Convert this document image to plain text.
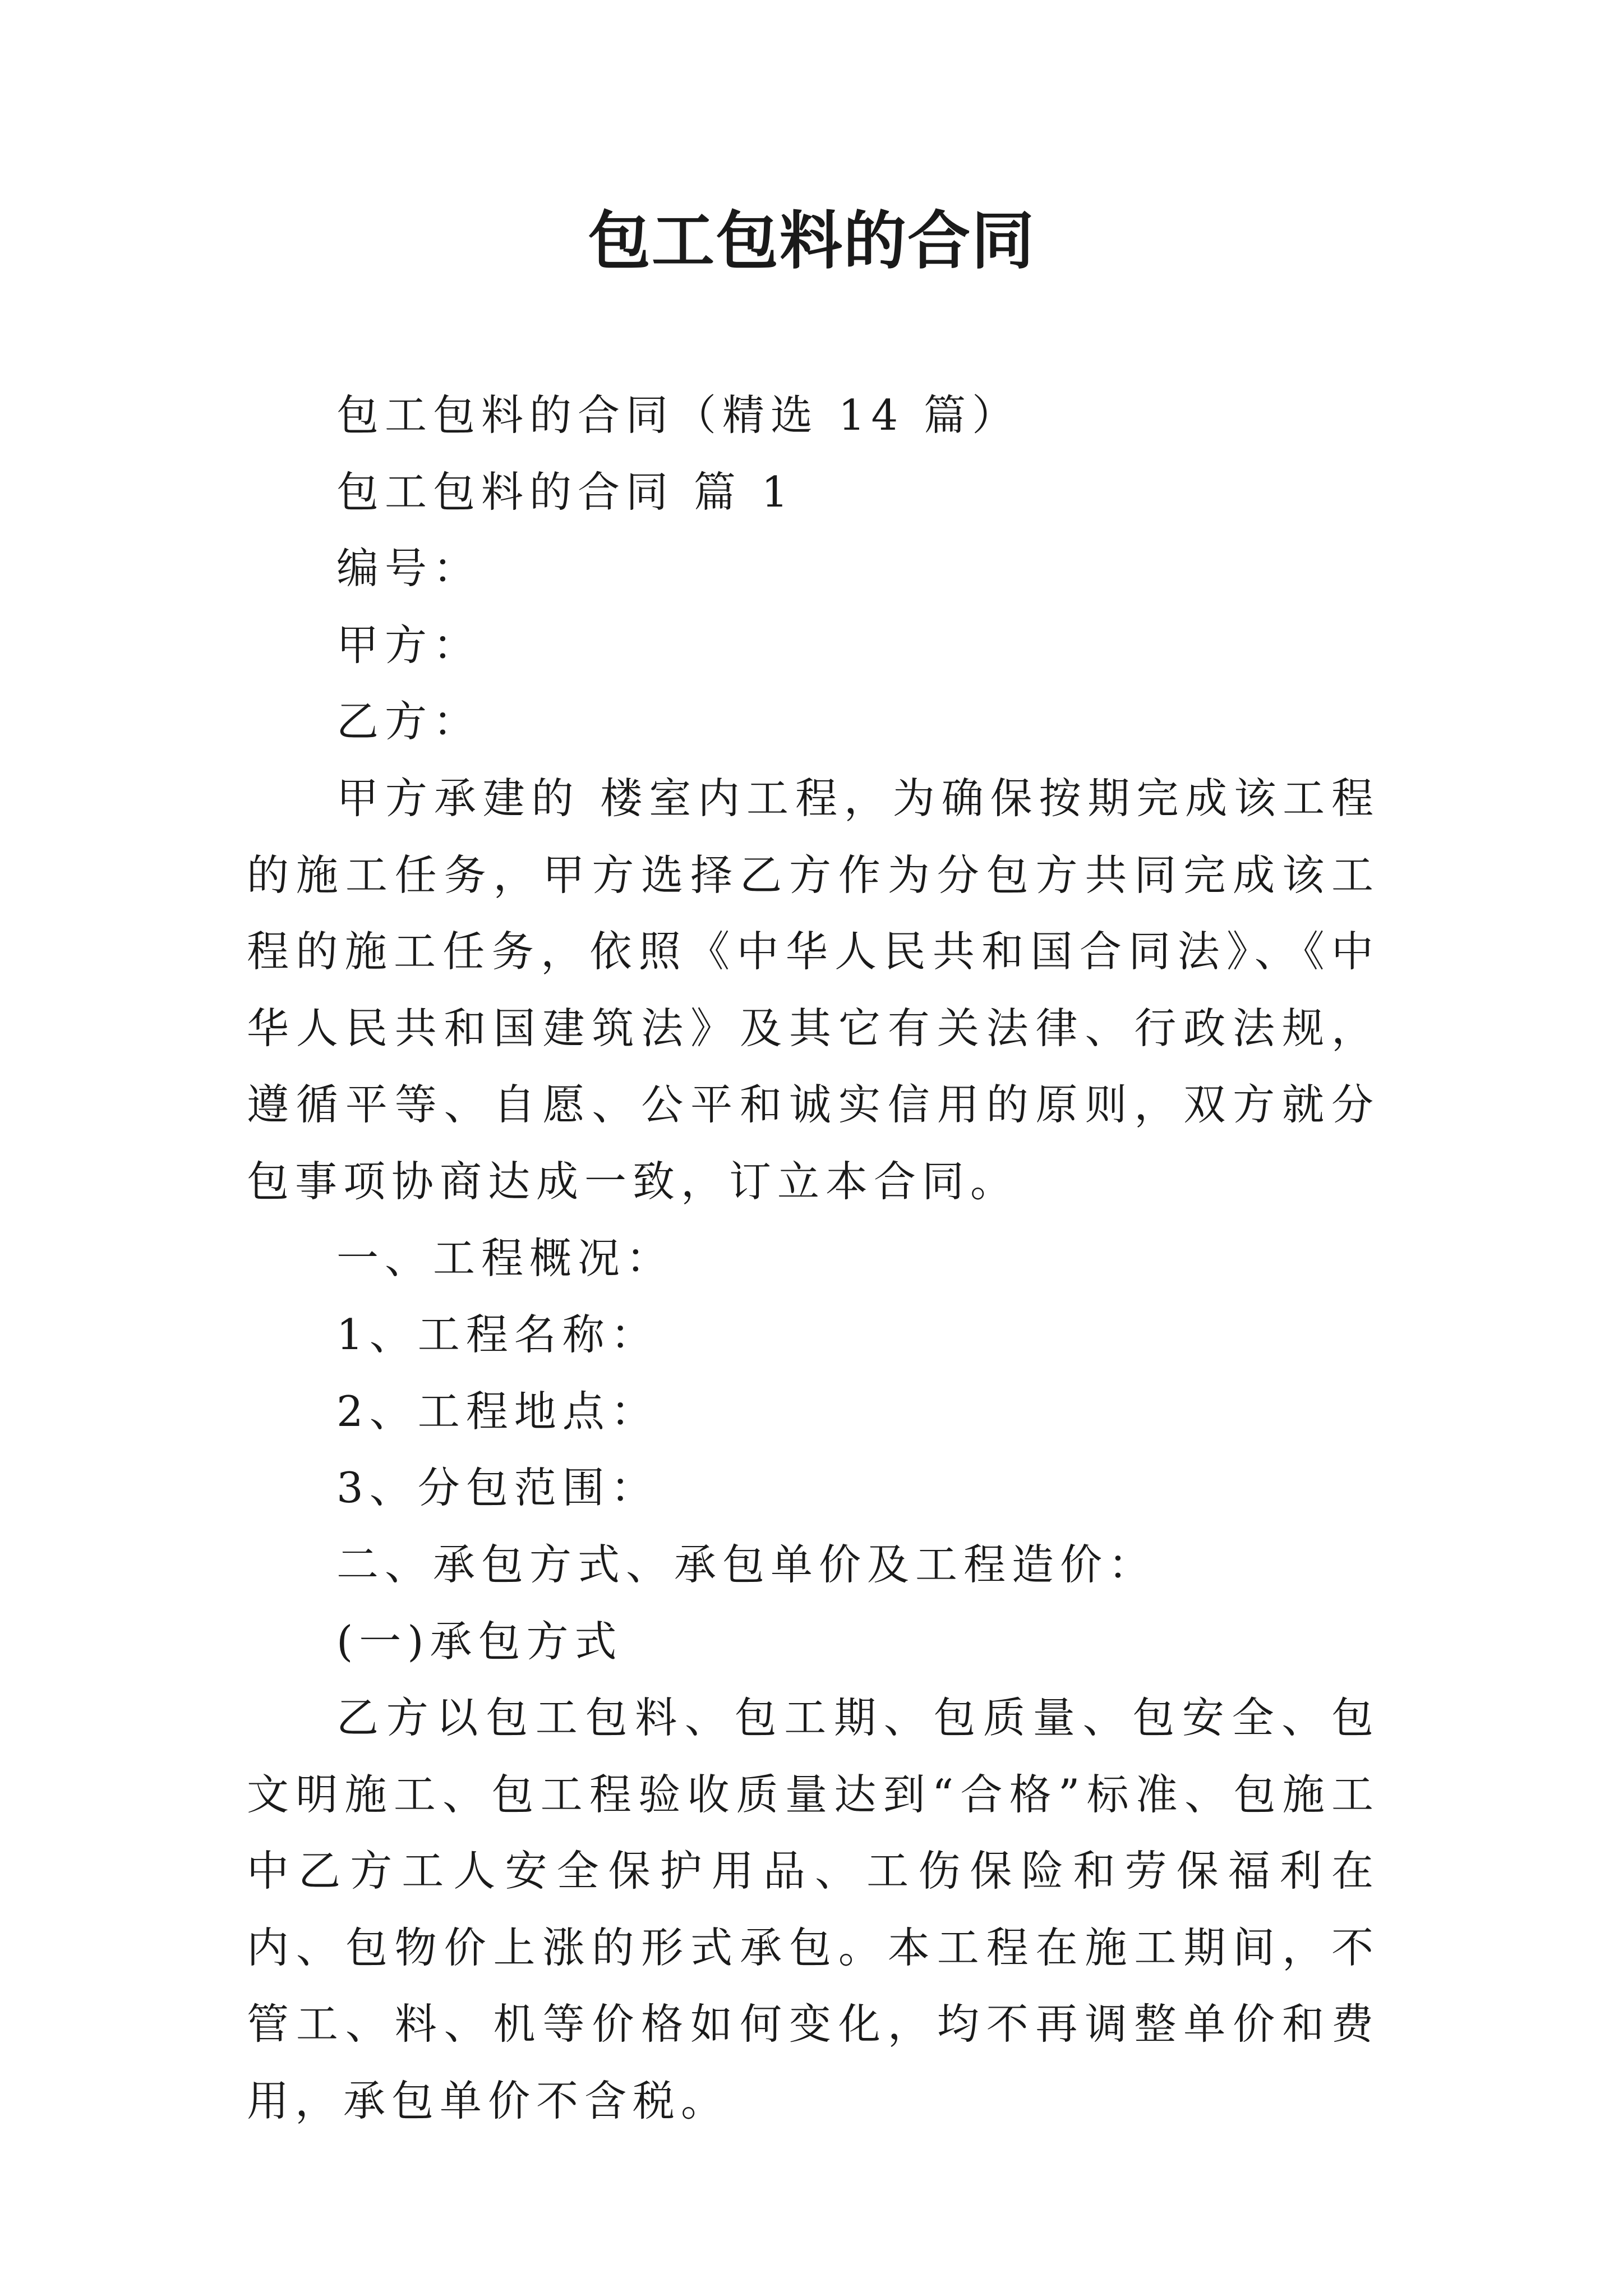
包工包料的合同

包工包料的合同（精选 14 篇）

包工包料的合同 篇 1

编号：

甲方：

乙方：

甲方承建的 楼室内工程，为确保按期完成该工程的施工任务，甲方选择乙方作为分包方共同完成该工程的施工任务，依照《中华人民共和国合同法》、《中华人民共和国建筑法》及其它有关法律、行政法规，遵循平等、自愿、公平和诚实信用的原则，双方就分包事项协商达成一致，订立本合同。

一、工程概况：

1、工程名称：

2、工程地点：

3、分包范围：

二、承包方式、承包单价及工程造价：

(一)承包方式

乙方以包工包料、包工期、包质量、包安全、包文明施工、包工程验收质量达到“合格”标准、包施工中乙方工人安全保护用品、工伤保险和劳保福利在内、包物价上涨的形式承包。本工程在施工期间，不管工、料、机等价格如何变化，均不再调整单价和费用，承包单价不含税。
